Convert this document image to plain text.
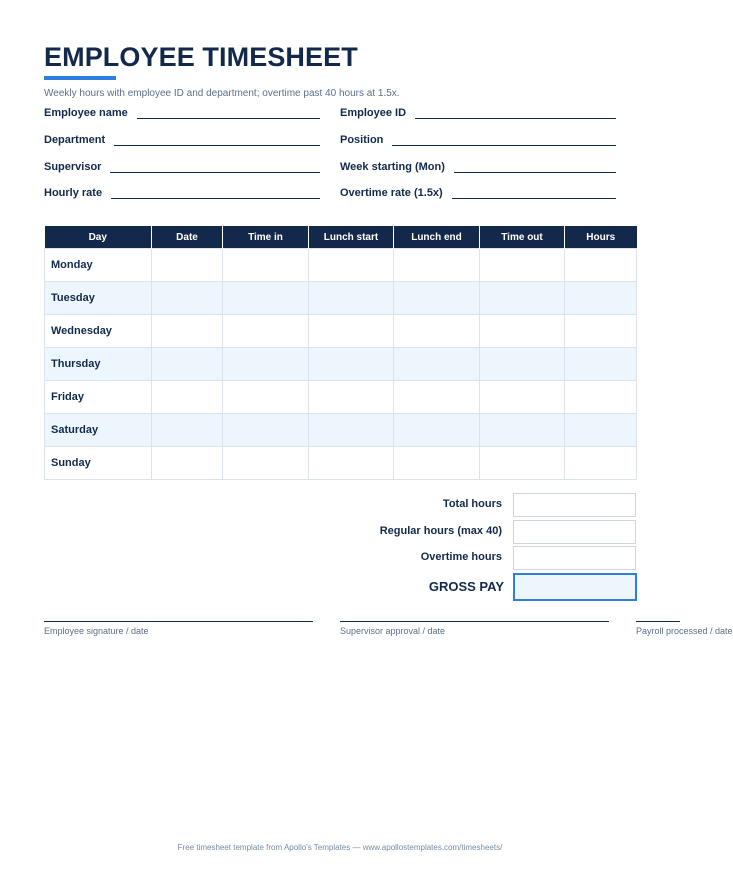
EMPLOYEE TIMESHEET
Weekly hours with employee ID and department; overtime past 40 hours at 1.5x.
Employee name
Department
Supervisor
Hourly rate
Employee ID
Position
Week starting (Mon)
Overtime rate (1.5x)
Day	Date	Time in	Lunch start	Lunch end	Time out	Hours
Monday						
Tuesday						
Wednesday						
Thursday						
Friday						
Saturday						
Sunday						
Total hours
Regular hours (max 40)
Overtime hours
GROSS PAY
Employee signature / date	Supervisor approval / date	Payroll processed / date
Free timesheet template from Apollo's Templates — www.apollostemplates.com/timesheets/
